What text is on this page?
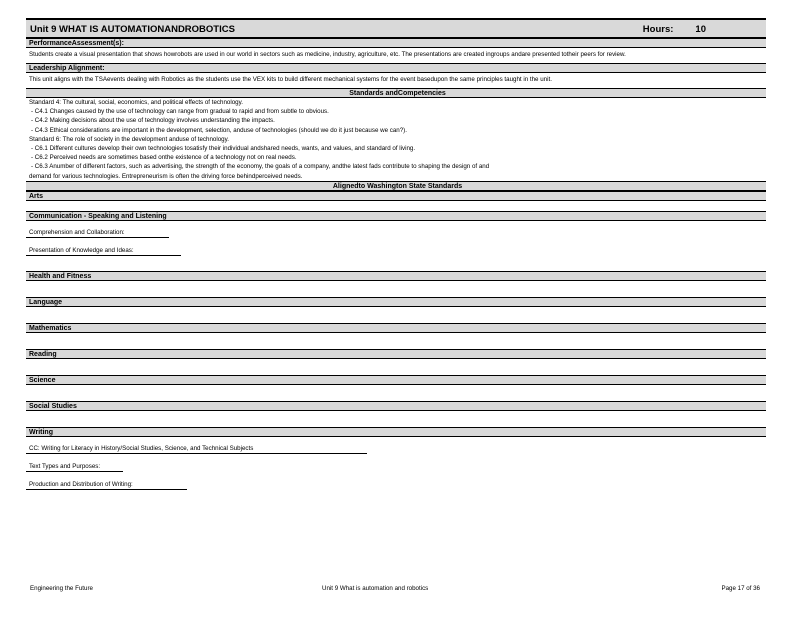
Unit 9 WHAT IS AUTOMATIONANDROBOTICS	Hours: 10
PerformanceAssessment(s):
Students create a visual presentation that shows howrobots are used in our world in sectors such as medicine, industry, agriculture, etc. The presentations are created ingroups andare presented totheir peers for review.
Leadership Alignment:
This unit aligns with the TSAevents dealing with Robotics as the students use the VEX kits to build different mechanical systems for the event basedupon the same principles taught in the unit.
Standards andCompetencies
Standard 4: The cultural, social, economics, and political effects of technology.
- C4.1 Changes caused by the use of technology can range from gradual to rapid and from subtle to obvious.
- C4.2 Making decisions about the use of technology involves understanding the impacts.
- C4.3 Ethical considerations are important in the development, selection, anduse of technologies (should we do it just because we can?).
Standard 6: The role of society in the development anduse of technology.
- C6.1 Different cultures develop their own technologies tosatisfy their individual andshared needs, wants, and values, and standard of living.
- C6.2 Perceived needs are sometimes based onthe existence of a technology not on real needs.
- C6.3 Anumber of different factors, such as advertising, the strength of the economy, the goals of a company, andthe latest fads contribute to shaping the design of and
demand for various technologies. Entrepreneurism is often the driving force behindperceived needs.
Alignedto Washington State Standards
Arts
Communication - Speaking and Listening
Comprehension and Collaboration:
Presentation of Knowledge and Ideas:
Health and Fitness
Language
Mathematics
Reading
Science
Social Studies
Writing
CC: Writing for Literacy in History/Social Studies, Science, and Technical Subjects
Text Types and Purposes:
Production and Distribution of Writing:
Engineering the Future	Unit 9 What is automation and robotics	Page 17 of 36
